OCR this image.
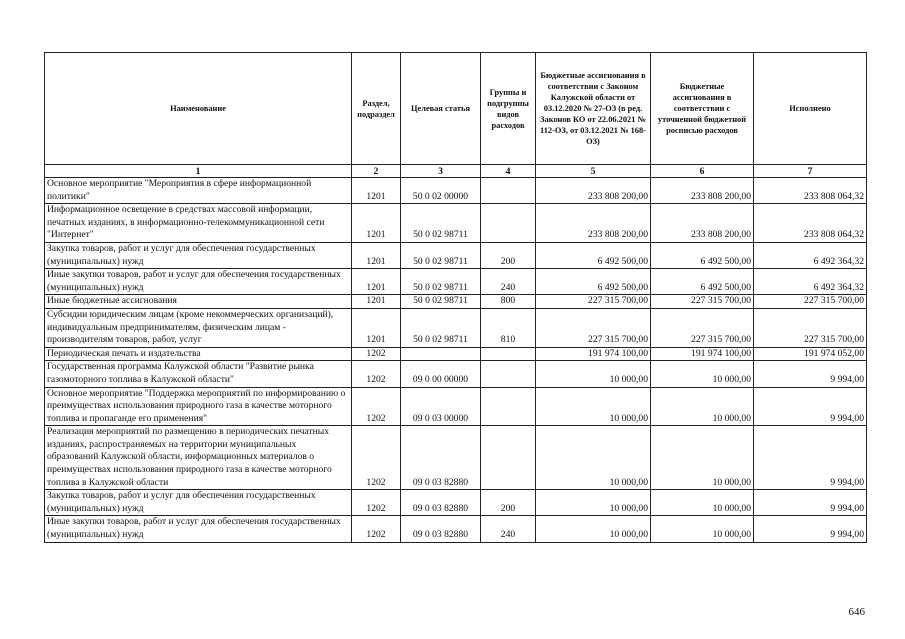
Наименование	Раздел, подраздел	Целевая статья	Группы и подгруппы видов расходов	Бюджетные ассигнования в соответствии с Законом Калужской области от 03.12.2020 № 27-ОЗ (в ред. Законов КО от 22.06.2021 № 112-ОЗ, от 03.12.2021 № 168-ОЗ)	Бюджетные ассигнования в соответствии с уточненной бюджетной росписью расходов	Исполнено
1	2	3	4	5	6	7
Основное мероприятие "Мероприятия в сфере информационной политики"	1201	50 0 02 00000		233 808 200,00	233 808 200,00	233 808 064,32
Информационное освещение в средствах массовой информации, печатных изданиях, в информационно-телекоммуникационной сети "Интернет"	1201	50 0 02 98711		233 808 200,00	233 808 200,00	233 808 064,32
Закупка товаров, работ и услуг для обеспечения государственных (муниципальных) нужд	1201	50 0 02 98711	200	6 492 500,00	6 492 500,00	6 492 364,32
Иные закупки товаров, работ и услуг для обеспечения государственных (муниципальных) нужд	1201	50 0 02 98711	240	6 492 500,00	6 492 500,00	6 492 364,32
Иные бюджетные ассигнования	1201	50 0 02 98711	800	227 315 700,00	227 315 700,00	227 315 700,00
Субсидии юридическим лицам (кроме некоммерческих организаций), индивидуальным предпринимателям, физическим лицам - производителям товаров, работ, услуг	1201	50 0 02 98711	810	227 315 700,00	227 315 700,00	227 315 700,00
Периодическая печать и издательства	1202			191 974 100,00	191 974 100,00	191 974 052,00
Государственная программа Калужской области "Развитие рынка газомоторного топлива в Калужской области"	1202	09 0 00 00000		10 000,00	10 000,00	9 994,00
Основное мероприятие "Поддержка мероприятий по информированию о преимуществах использования природного газа в качестве моторного топлива и пропаганде его применения"	1202	09 0 03 00000		10 000,00	10 000,00	9 994,00
Реализация мероприятий по размещению в периодических печатных изданиях, распространяемых на территории муниципальных образований Калужской области, информационных материалов о преимуществах использования природного газа в качестве моторного топлива в Калужской области	1202	09 0 03 82880		10 000,00	10 000,00	9 994,00
Закупка товаров, работ и услуг для обеспечения государственных (муниципальных) нужд	1202	09 0 03 82880	200	10 000,00	10 000,00	9 994,00
Иные закупки товаров, работ и услуг для обеспечения государственных (муниципальных) нужд	1202	09 0 03 82880	240	10 000,00	10 000,00	9 994,00
646
